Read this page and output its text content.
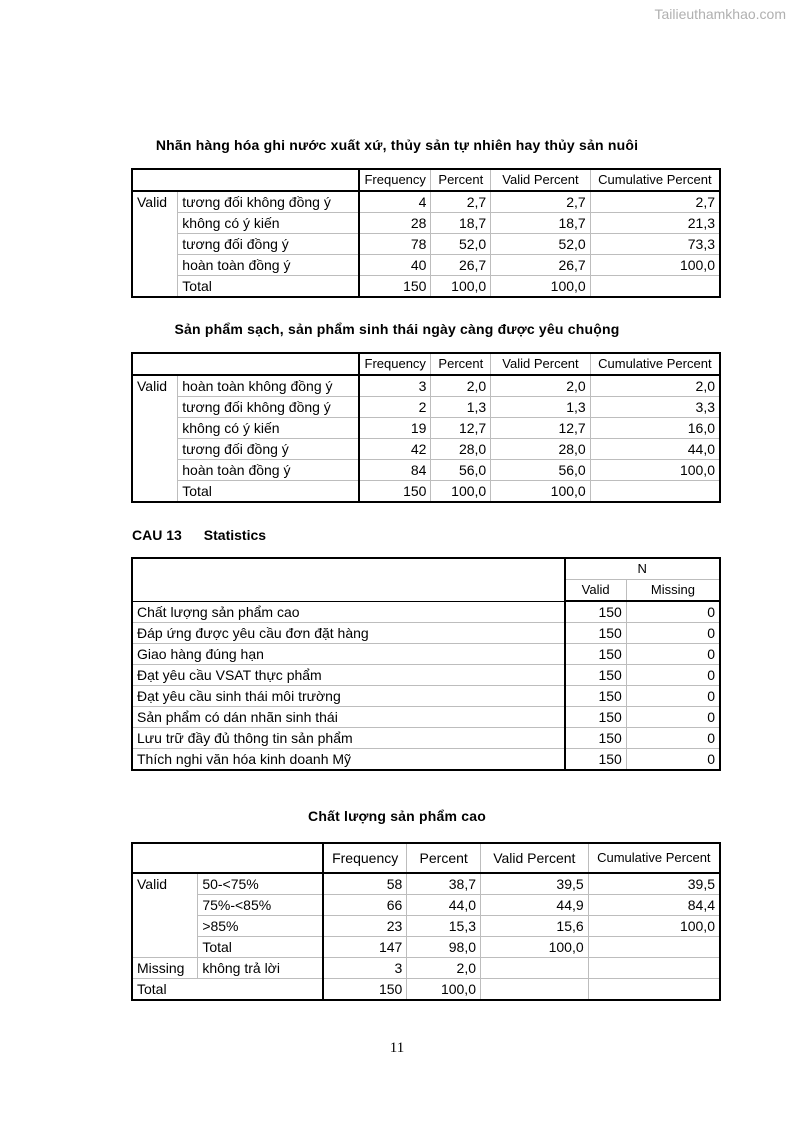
Tailieuthamkhao.com
Nhãn hàng hóa ghi nước xuất xứ, thủy sản tự nhiên hay thủy sản nuôi
		Frequency	Percent	Valid Percent	Cumulative Percent
Valid	tương đối không đồng ý	4	2,7	2,7	2,7
	không có ý kiến	28	18,7	18,7	21,3
	tương đối đồng ý	78	52,0	52,0	73,3
	hoàn toàn đồng ý	40	26,7	26,7	100,0
	Total	150	100,0	100,0	
Sản phẩm sạch, sản phẩm sinh thái ngày càng được yêu chuộng
		Frequency	Percent	Valid Percent	Cumulative Percent
Valid	hoàn toàn không đồng ý	3	2,0	2,0	2,0
	tương đối không đồng ý	2	1,3	1,3	3,3
	không có ý kiến	19	12,7	12,7	16,0
	tương đối đồng ý	42	28,0	28,0	44,0
	hoàn toàn đồng ý	84	56,0	56,0	100,0
	Total	150	100,0	100,0	
CAU 13 Statistics
	N	
	Valid	Missing
Chất lượng sản phẩm cao	150	0
Đáp ứng được yêu cầu đơn đặt hàng	150	0
Giao hàng đúng hạn	150	0
Đạt yêu cầu VSAT thực phẩm	150	0
Đạt yêu cầu sinh thái môi trường	150	0
Sản phẩm có dán nhãn sinh thái	150	0
Lưu trữ đầy đủ thông tin sản phẩm	150	0
Thích nghi văn hóa kinh doanh Mỹ	150	0
Chất lượng sản phẩm cao
		Frequency	Percent	Valid Percent	Cumulative Percent
Valid	50-<75%	58	38,7	39,5	39,5
	75%-<85%	66	44,0	44,9	84,4
	>85%	23	15,3	15,6	100,0
	Total	147	98,0	100,0	
Missing	không trả lời	3	2,0		
Total		150	100,0		
11
